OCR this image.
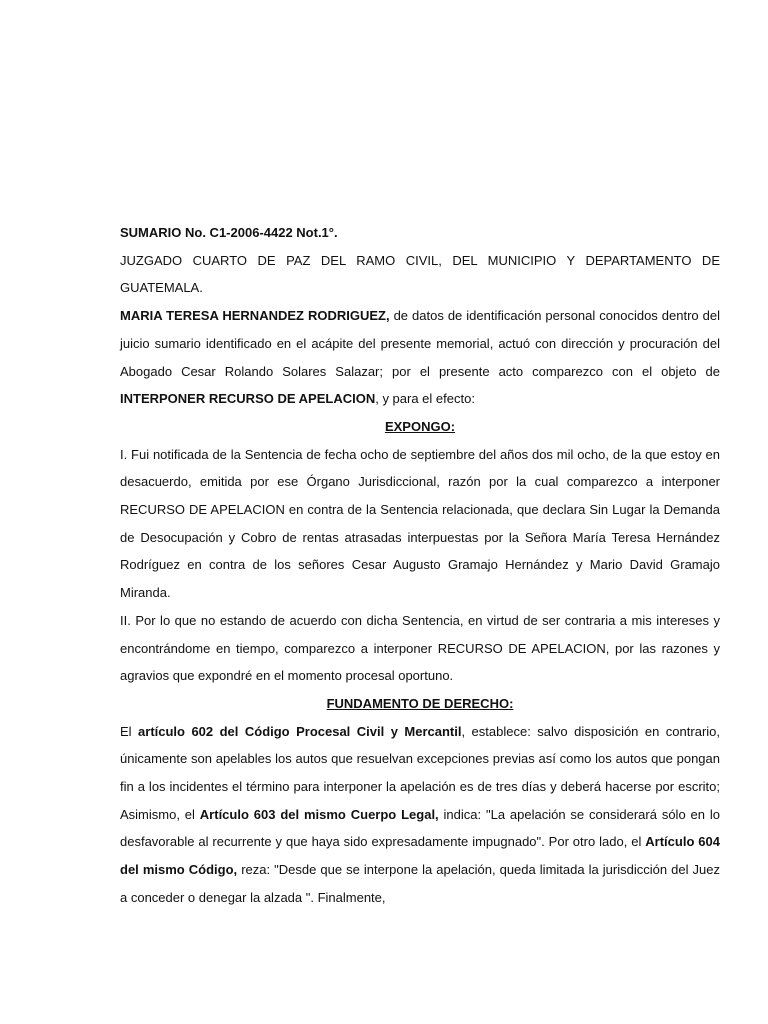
SUMARIO No. C1-2006-4422 Not.1°.

JUZGADO CUARTO DE PAZ DEL RAMO CIVIL, DEL MUNICIPIO Y DEPARTAMENTO DE GUATEMALA.

MARIA TERESA HERNANDEZ RODRIGUEZ, de datos de identificación personal conocidos dentro del juicio sumario identificado en el acápite del presente memorial, actuó con dirección y procuración del Abogado Cesar Rolando Solares Salazar; por el presente acto comparezco con el objeto de INTERPONER RECURSO DE APELACION, y para el efecto:

EXPONGO:

I. Fui notificada de la Sentencia de fecha ocho de septiembre del años dos mil ocho, de la que estoy en desacuerdo, emitida por ese Órgano Jurisdiccional, razón por la cual comparezco a interponer RECURSO DE APELACION en contra de la Sentencia relacionada, que declara Sin Lugar la Demanda de Desocupación y Cobro de rentas atrasadas interpuestas por la Señora María Teresa Hernández Rodríguez en contra de los señores Cesar Augusto Gramajo Hernández y Mario David Gramajo Miranda.

II. Por lo que no estando de acuerdo con dicha Sentencia, en virtud de ser contraria a mis intereses y encontrándome en tiempo, comparezco a interponer RECURSO DE APELACION, por las razones y agravios que expondré en el momento procesal oportuno.

FUNDAMENTO DE DERECHO:

El artículo 602 del Código Procesal Civil y Mercantil, establece: salvo disposición en contrario, únicamente son apelables los autos que resuelvan excepciones previas así como los autos que pongan fin a los incidentes el término para interponer la apelación es de tres días y deberá hacerse por escrito; Asimismo, el Artículo 603 del mismo Cuerpo Legal, indica: "La apelación se considerará sólo en lo desfavorable al recurrente y que haya sido expresadamente impugnado". Por otro lado, el Artículo 604 del mismo Código, reza: "Desde que se interpone la apelación, queda limitada la jurisdicción del Juez a conceder o denegar la alzada ". Finalmente,
